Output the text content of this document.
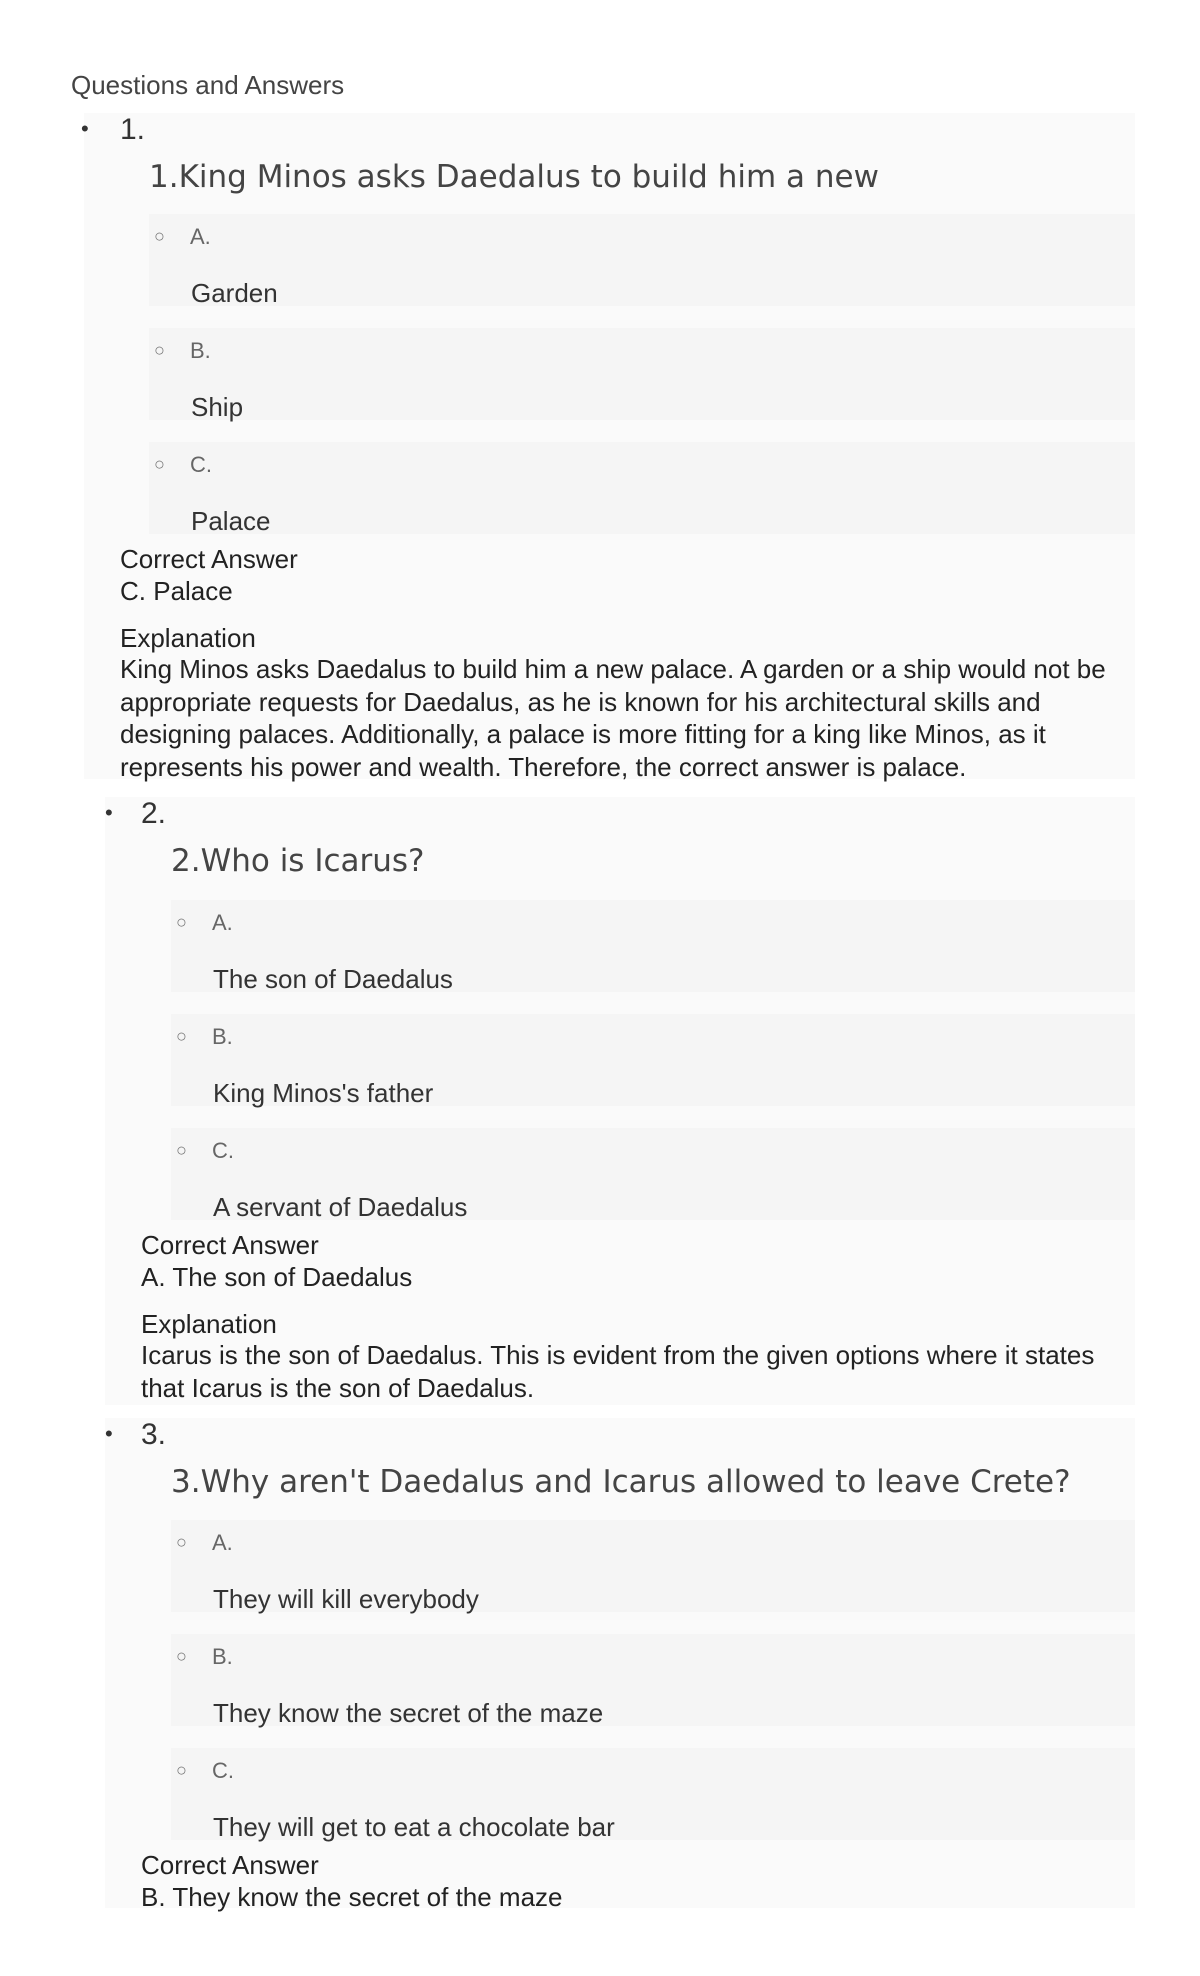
Questions and Answers
• 1.
1.King Minos asks Daedalus to build him a new
○ A.
Garden
○ B.
Ship
○ C.
Palace
Correct Answer
C. Palace
Explanation
King Minos asks Daedalus to build him a new palace. A garden or a ship would not be appropriate requests for Daedalus, as he is known for his architectural skills and designing palaces. Additionally, a palace is more fitting for a king like Minos, as it represents his power and wealth. Therefore, the correct answer is palace.
• 2.
2.Who is Icarus?
○ A.
The son of Daedalus
○ B.
King Minos's father
○ C.
A servant of Daedalus
Correct Answer
A. The son of Daedalus
Explanation
Icarus is the son of Daedalus. This is evident from the given options where it states that Icarus is the son of Daedalus.
• 3.
3.Why aren't Daedalus and Icarus allowed to leave Crete?
○ A.
They will kill everybody
○ B.
They know the secret of the maze
○ C.
They will get to eat a chocolate bar
Correct Answer
B. They know the secret of the maze
